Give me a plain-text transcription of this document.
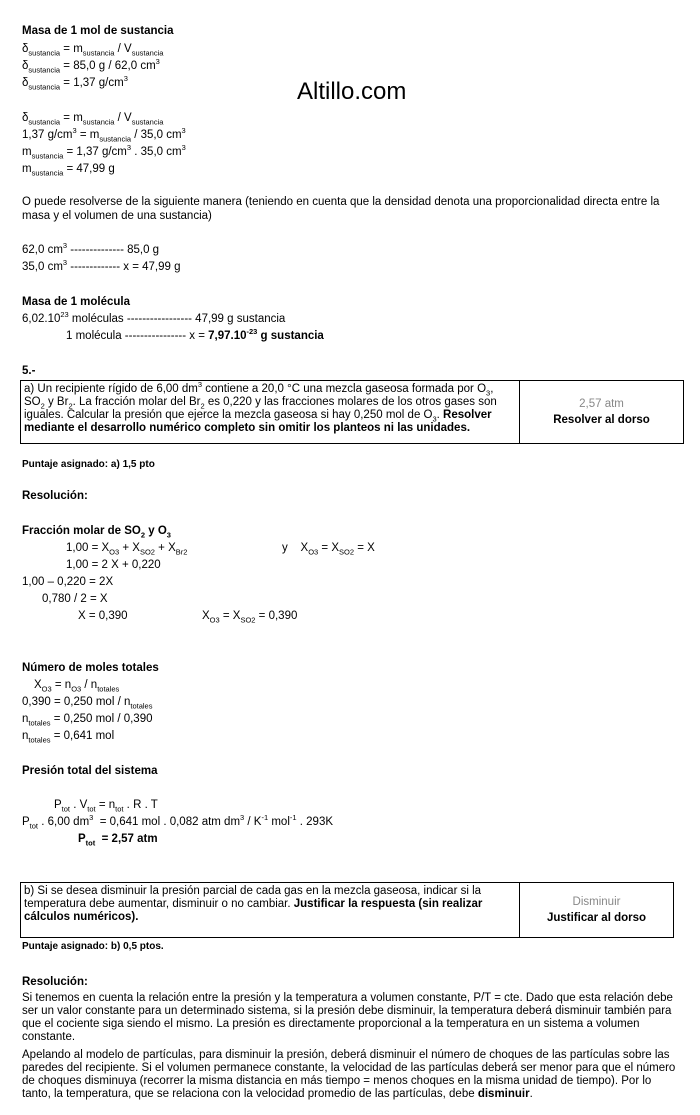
Altillo.com
Masa de 1 mol de sustancia
$\delta_{sustancia} = m_{sustancia} / V_{sustancia}$
$\delta_{sustancia} = 85,0$ g / 62,0 $cm^3$
$\delta_{sustancia} = 1,37$ $g/cm^3$
$\delta_{sustancia} = m_{sustancia} / V_{sustancia}$
1,37 $g/cm^3 = m_{sustancia} / 35,0$ $cm^3$
$m_{sustancia} = 1,37$ $g/cm^3$ . 35,0 $cm^3$
$m_{sustancia} = 47,99$ g
O puede resolverse de la siguiente manera (teniendo en cuenta que la densidad denota una proporcionalidad directa entre la masa y el volumen de una sustancia)
62,0 $cm^3$ -------------- 85,0 g
35,0 $cm^3$ ------------- x = 47,99 g
Masa de 1 molécula
6,02.10$^{23}$ moléculas ----------------- 47,99 g sustancia
1 molécula ---------------- $x = 7,97.10^{-23}$ g sustancia
5.-
a) Un recipiente rígido de 6,00 $dm^3$ contiene a 20,0 °C una mezcla gaseosa formada por $O_3$, $SO_2$ y $Br_2$. La fracción molar del $Br_2$ es 0,220 y las fracciones molares de los otros gases son iguales. Calcular la presión que ejerce la mezcla gaseosa si hay 0,250 mol de $O_3$. Resolver mediante el desarrollo numérico completo sin omitir los planteos ni las unidades.
2,57 atm
Resolver al dorso
Puntaje asignado: a) 1,5 pto
Resolución:
Fracción molar de $SO_2$ y $O_3$
$1,00 = X_{O3} + X_{SO2} + X_{Br2}$	y    $X_{O3} = X_{SO2} = X$
1,00 = 2 X + 0,220
1,00 – 0,220 = 2X
0,780 / 2 = X
X = 0,390	$X_{O3} = X_{SO2} = 0,390$
Número de moles totales
$X_{O3} = n_{O3} / n_{totales}$
0,390 = 0,250 mol / $n_{totales}$
$n_{totales} = 0,250$ mol / 0,390
$n_{totales} = 0,641$ mol
Presión total del sistema
$P_{tot}$ . $V_{tot} = n_{tot}$ . R . T
$P_{tot}$ . 6,00 $dm^3 = 0,641$ mol . 0,082 atm $dm^3 / K^{-1}$ mol$^{-1}$ . 293K
$P_{tot} = 2,57$ atm
b) Si se desea disminuir la presión parcial de cada gas en la mezcla gaseosa, indicar si la temperatura debe aumentar, disminuir o no cambiar. Justificar la respuesta (sin realizar cálculos numéricos).
Disminuir
Justificar al dorso
Puntaje asignado: b) 0,5 ptos.
Resolución:
Si tenemos en cuenta la relación entre la presión y la temperatura a volumen constante, P/T = cte. Dado que esta relación debe ser un valor constante para un determinado sistema, si la presión debe disminuir, la temperatura deberá disminuir también para que el cociente siga siendo el mismo. La presión es directamente proporcional a la temperatura en un sistema a volumen constante.
Apelando al modelo de partículas, para disminuir la presión, deberá disminuir el número de choques de las partículas sobre las paredes del recipiente. Si el volumen permanece constante, la velocidad de las partículas deberá ser menor para que el número de choques disminuya (recorrer la misma distancia en más tiempo = menos choques en la misma unidad de tiempo). Por lo tanto, la temperatura, que se relaciona con la velocidad promedio de las partículas, debe disminuir.
